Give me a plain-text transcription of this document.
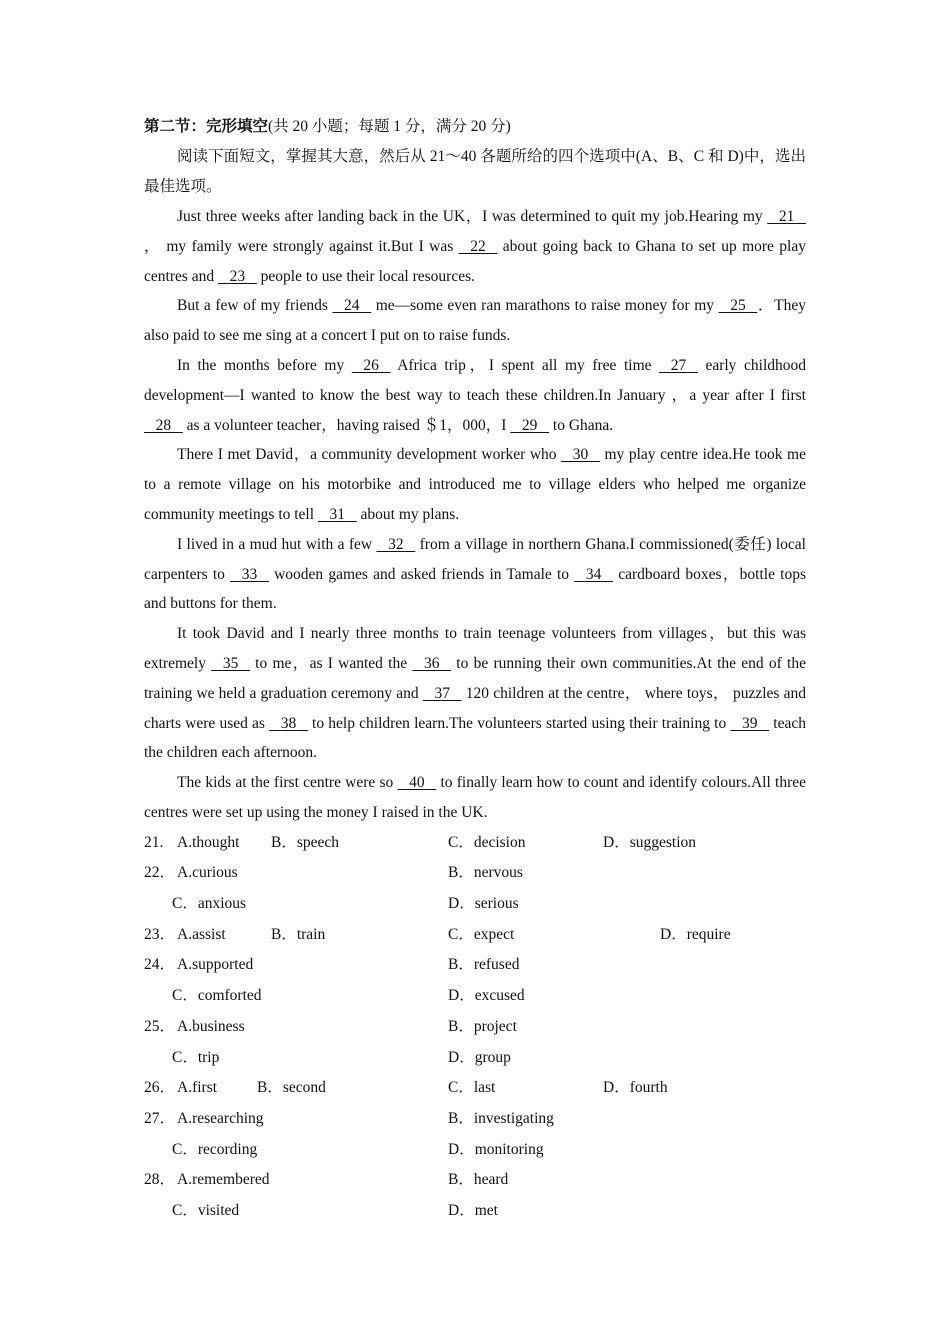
第二节：完形填空(共 20 小题；每题 1 分，满分 20 分)

阅读下面短文，掌握其大意，然后从 21～40 各题所给的四个选项中(A、B、C 和 D)中，选出最佳选项。

Just three weeks after landing back in the UK，I was determined to quit my job.Hearing my 21， my family were strongly against it.But I was 22 about going back to Ghana to set up more play centres and 23 people to use their local resources.

But a few of my friends 24 me—some even ran marathons to raise money for my 25 ．They also paid to see me sing at a concert I put on to raise funds.

In the months before my 26 Africa trip，I spent all my free time 27 early childhood development—I wanted to know the best way to teach these children.In January ，a year after I first 28 as a volunteer teacher，having raised ＄1，000，I 29 to Ghana.

There I met David，a community development worker who 30 my play centre idea.He took me to a remote village on his motorbike and introduced me to village elders who helped me organize community meetings to tell 31 about my plans.

I lived in a mud hut with a few 32 from a village in northern Ghana.I commissioned(委任) local carpenters to 33 wooden games and asked friends in Tamale to 34 cardboard boxes，bottle tops and buttons for them.

It took David and I nearly three months to train teenage volunteers from villages，but this was extremely 35 to me，as I wanted the 36 to be running their own communities.At the end of the training we held a graduation ceremony and 37 120 children at the centre， where toys， puzzles and charts were used as 38 to help children learn.The volunteers started using their training to 39 teach the children each afternoon.

The kids at the first centre were so 40 to finally learn how to count and identify colours.All three centres were set up using the money I raised in the UK.

21. A.thought B．speech	C．decision	D．suggestion
22． A.curious	B．nervous
C．anxious	D．serious
23． A.assist	B．train	C．expect	D．require
24． A.supported	B．refused
C．comforted	D．excused
25． A.business	B．project
C．trip	D．group
26． A.first	B．second	C．last	D．fourth
27． A.researching	B．investigating
C．recording	D．monitoring
28． A.remembered	B．heard
C．visited	D．met
